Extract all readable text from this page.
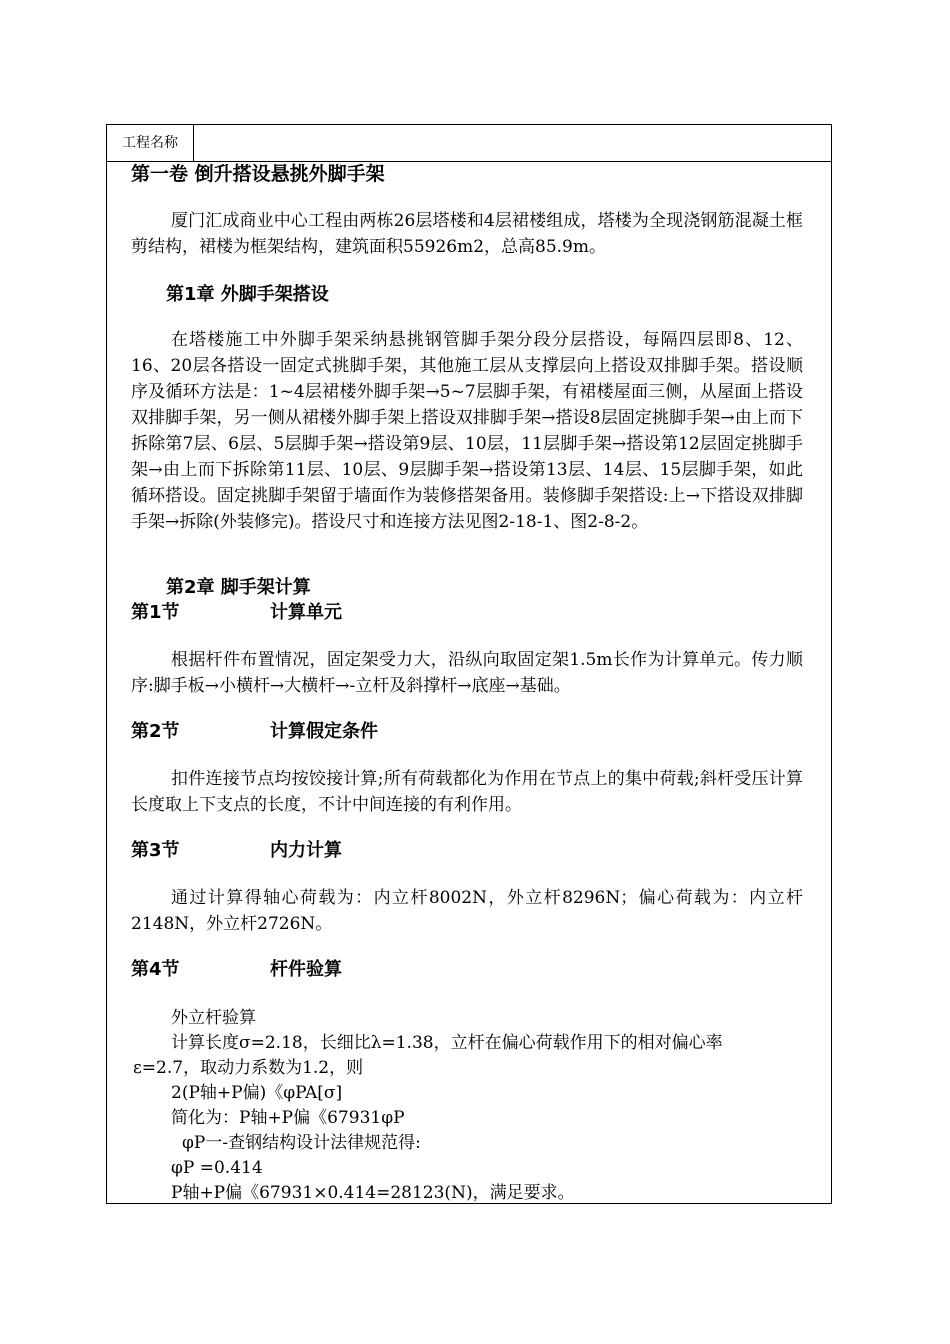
工程名称
第一卷 倒升搭设悬挑外脚手架
厦门汇成商业中心工程由两栋26层塔楼和4层裙楼组成，塔楼为全现浇钢筋混凝土框剪结构，裙楼为框架结构，建筑面积55926m2，总高85.9m。
第1章 外脚手架搭设
在塔楼施工中外脚手架采纳悬挑钢管脚手架分段分层搭设，每隔四层即8、12、16、20层各搭设一固定式挑脚手架，其他施工层从支撑层向上搭设双排脚手架。搭设顺序及循环方法是：1~4层裙楼外脚手架→5~7层脚手架，有裙楼屋面三侧，从屋面上搭设双排脚手架，另一侧从裙楼外脚手架上搭设双排脚手架→搭设8层固定挑脚手架→由上而下拆除第7层、6层、5层脚手架→搭设第9层、10层，11层脚手架→搭设第12层固定挑脚手架→由上而下拆除第11层、10层、9层脚手架→搭设第13层、14层、15层脚手架，如此循环搭设。固定挑脚手架留于墙面作为装修搭架备用。装修脚手架搭设:上→下搭设双排脚手架→拆除(外装修完)。搭设尺寸和连接方法见图2-18-1、图2-8-2。
第2章 脚手架计算
第1节	计算单元
根据杆件布置情况，固定架受力大，沿纵向取固定架1.5m长作为计算单元。传力顺序:脚手板→小横杆→大横杆→-立杆及斜撑杆→底座→基础。
第2节	计算假定条件
扣件连接节点均按饺接计算;所有荷载都化为作用在节点上的集中荷载;斜杆受压计算长度取上下支点的长度，不计中间连接的有利作用。
第3节	内力计算
通过计算得轴心荷载为：内立杆8002N，外立杆8296N；偏心荷载为：内立杆2148N，外立杆2726N。
第4节	杆件验算
外立杆验算
计算长度σ=2.18，长细比λ=1.38，立杆在偏心荷载作用下的相对偏心率
ε=2.7，取动力系数为1.2，则
2(P轴+P偏)《φPA[σ]
简化为：P轴+P偏《67931φP
φP一-查钢结构设计法律规范得:
φP =0.414
P轴+P偏《67931×0.414=28123(N)，满足要求。
